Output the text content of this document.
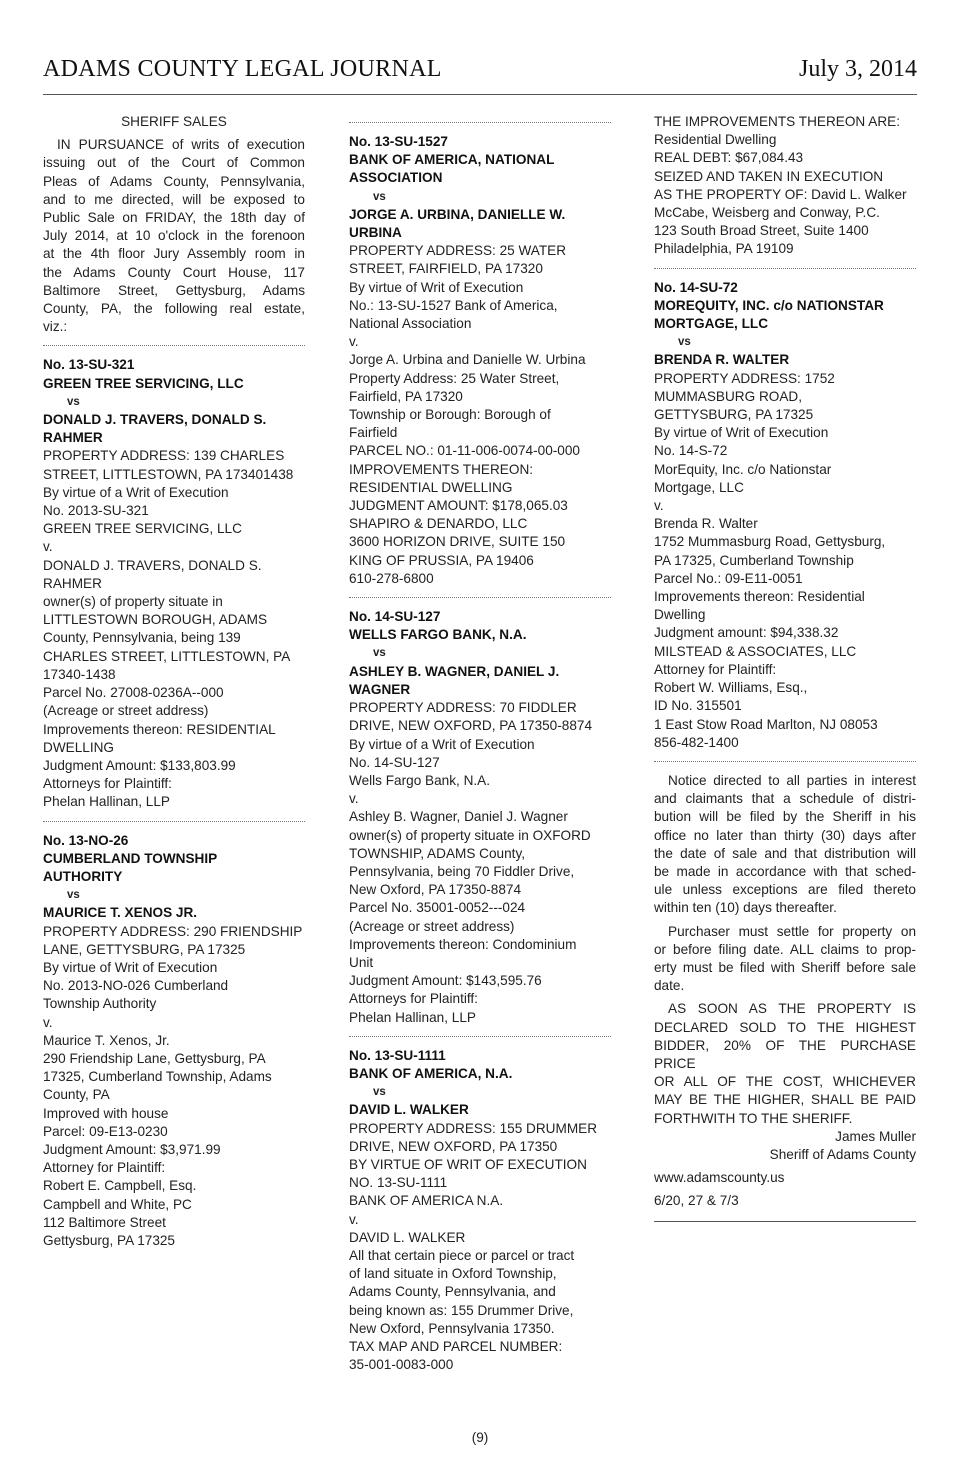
ADAMS COUNTY LEGAL JOURNAL	July 3, 2014
SHERIFF SALES
IN PURSUANCE of writs of execution
issuing out of the Court of Common
Pleas of Adams County, Pennsylvania,
and to me directed, will be exposed to
Public Sale on FRIDAY, the 18th day of
July 2014, at 10 o'clock in the forenoon
at the 4th floor Jury Assembly room in
the Adams County Court House, 117
Baltimore Street, Gettysburg, Adams
County, PA, the following real estate,
viz.:
No. 13-SU-321
GREEN TREE SERVICING, LLC
vs
DONALD J. TRAVERS, DONALD S.
RAHMER
PROPERTY ADDRESS: 139 CHARLES
STREET, LITTLESTOWN, PA 173401438
By virtue of a Writ of Execution
No. 2013-SU-321
GREEN TREE SERVICING, LLC
v.
DONALD J. TRAVERS, DONALD S.
RAHMER
owner(s) of property situate in
LITTLESTOWN BOROUGH, ADAMS
County, Pennsylvania, being 139
CHARLES STREET, LITTLESTOWN, PA
17340-1438
Parcel No. 27008-0236A--000
(Acreage or street address)
Improvements thereon: RESIDENTIAL
DWELLING
Judgment Amount: $133,803.99
Attorneys for Plaintiff:
Phelan Hallinan, LLP
No. 13-NO-26
CUMBERLAND TOWNSHIP
AUTHORITY
vs
MAURICE T. XENOS JR.
PROPERTY ADDRESS: 290 FRIENDSHIP
LANE, GETTYSBURG, PA 17325
By virtue of Writ of Execution
No. 2013-NO-026 Cumberland
Township Authority
v.
Maurice T. Xenos, Jr.
290 Friendship Lane, Gettysburg, PA
17325, Cumberland Township, Adams
County, PA
Improved with house
Parcel: 09-E13-0230
Judgment Amount: $3,971.99
Attorney for Plaintiff:
Robert E. Campbell, Esq.
Campbell and White, PC
112 Baltimore Street
Gettysburg, PA 17325
No. 13-SU-1527
BANK OF AMERICA, NATIONAL
ASSOCIATION
vs
JORGE A. URBINA, DANIELLE W.
URBINA
PROPERTY ADDRESS: 25 WATER
STREET, FAIRFIELD, PA 17320
By virtue of Writ of Execution
No.: 13-SU-1527 Bank of America,
National Association
v.
Jorge A. Urbina and Danielle W. Urbina
Property Address: 25 Water Street,
Fairfield, PA 17320
Township or Borough: Borough of
Fairfield
PARCEL NO.: 01-11-006-0074-00-000
IMPROVEMENTS THEREON:
RESIDENTIAL DWELLING
JUDGMENT AMOUNT: $178,065.03
SHAPIRO & DENARDO, LLC
3600 HORIZON DRIVE, SUITE 150
KING OF PRUSSIA, PA 19406
610-278-6800
No. 14-SU-127
WELLS FARGO BANK, N.A.
vs
ASHLEY B. WAGNER, DANIEL J.
WAGNER
PROPERTY ADDRESS: 70 FIDDLER
DRIVE, NEW OXFORD, PA 17350-8874
By virtue of a Writ of Execution
No. 14-SU-127
Wells Fargo Bank, N.A.
v.
Ashley B. Wagner, Daniel J. Wagner
owner(s) of property situate in OXFORD
TOWNSHIP, ADAMS County,
Pennsylvania, being 70 Fiddler Drive,
New Oxford, PA 17350-8874
Parcel No. 35001-0052---024
(Acreage or street address)
Improvements thereon: Condominium
Unit
Judgment Amount: $143,595.76
Attorneys for Plaintiff:
Phelan Hallinan, LLP
No. 13-SU-1111
BANK OF AMERICA, N.A.
vs
DAVID L. WALKER
PROPERTY ADDRESS: 155 DRUMMER
DRIVE, NEW OXFORD, PA 17350
BY VIRTUE OF WRIT OF EXECUTION
NO. 13-SU-1111
BANK OF AMERICA N.A.
v.
DAVID L. WALKER
All that certain piece or parcel or tract
of land situate in Oxford Township,
Adams County, Pennsylvania, and
being known as: 155 Drummer Drive,
New Oxford, Pennsylvania 17350.
TAX MAP AND PARCEL NUMBER:
35-001-0083-000
THE IMPROVEMENTS THEREON ARE:
Residential Dwelling
REAL DEBT: $67,084.43
SEIZED AND TAKEN IN EXECUTION
AS THE PROPERTY OF: David L. Walker
McCabe, Weisberg and Conway, P.C.
123 South Broad Street, Suite 1400
Philadelphia, PA 19109
No. 14-SU-72
MOREQUITY, INC. c/o NATIONSTAR
MORTGAGE, LLC
vs
BRENDA R. WALTER
PROPERTY ADDRESS: 1752
MUMMASBURG ROAD,
GETTYSBURG, PA 17325
By virtue of Writ of Execution
No. 14-S-72
MorEquity, Inc. c/o Nationstar
Mortgage, LLC
v.
Brenda R. Walter
1752 Mummasburg Road, Gettysburg,
PA 17325, Cumberland Township
Parcel No.: 09-E11-0051
Improvements thereon: Residential
Dwelling
Judgment amount: $94,338.32
MILSTEAD & ASSOCIATES, LLC
Attorney for Plaintiff:
Robert W. Williams, Esq.,
ID No. 315501
1 East Stow Road Marlton, NJ 08053
856-482-1400
Notice directed to all parties in interest
and claimants that a schedule of distri-
bution will be filed by the Sheriff in his
office no later than thirty (30) days after
the date of sale and that distribution will
be made in accordance with that sched-
ule unless exceptions are filed thereto
within ten (10) days thereafter.
Purchaser must settle for property on
or before filing date. ALL claims to prop-
erty must be filed with Sheriff before sale
date.
AS SOON AS THE PROPERTY IS
DECLARED SOLD TO THE HIGHEST
BIDDER, 20% OF THE PURCHASE PRICE
OR ALL OF THE COST, WHICHEVER
MAY BE THE HIGHER, SHALL BE PAID
FORTHWITH TO THE SHERIFF.
James Muller
Sheriff of Adams County
www.adamscounty.us
6/20, 27 & 7/3
(9)
